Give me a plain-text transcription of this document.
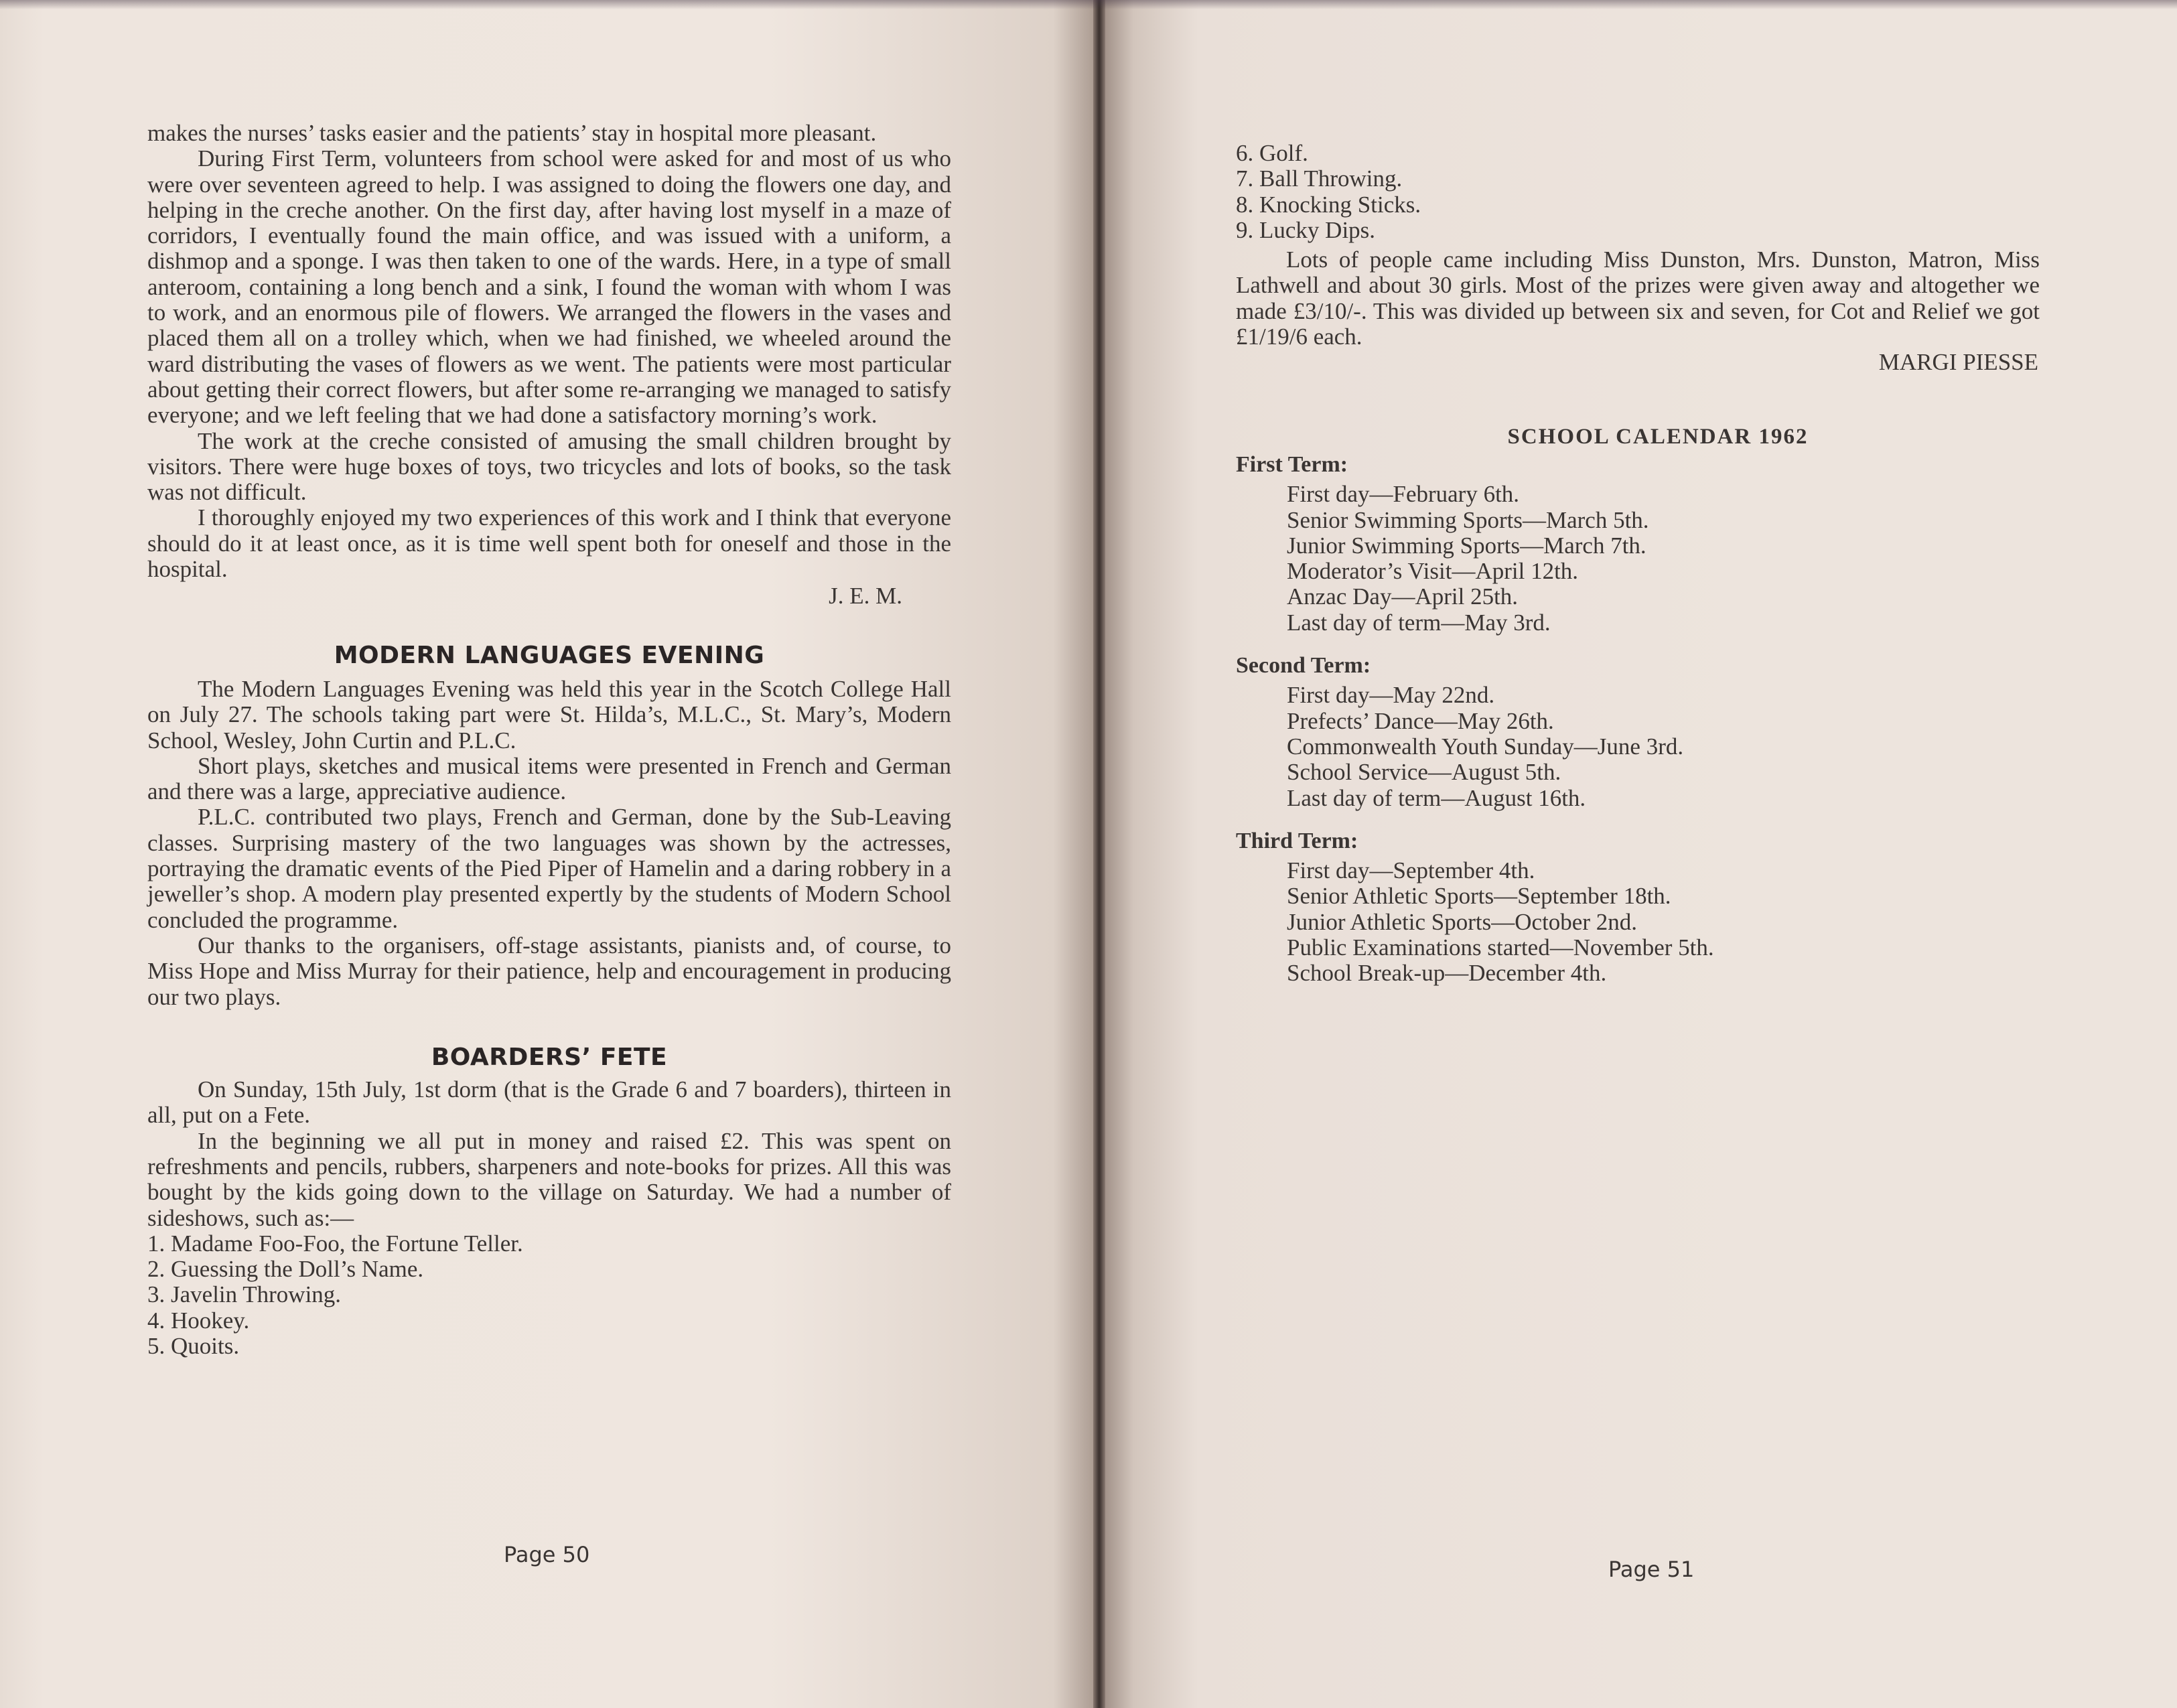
makes the nurses’ tasks easier and the patients’ stay in hospital more pleasant.

During First Term, volunteers from school were asked for and most of us who were over seventeen agreed to help. I was assigned to doing the flowers one day, and helping in the creche another. On the first day, after having lost myself in a maze of corridors, I eventually found the main office, and was issued with a uniform, a dishmop and a sponge. I was then taken to one of the wards. Here, in a type of small anteroom, containing a long bench and a sink, I found the woman with whom I was to work, and an enormous pile of flowers. We arranged the flowers in the vases and placed them all on a trolley which, when we had finished, we wheeled around the ward distributing the vases of flowers as we went. The patients were most particular about getting their correct flowers, but after some re-arranging we managed to satisfy everyone; and we left feeling that we had done a satisfactory morning’s work.

The work at the creche consisted of amusing the small children brought by visitors. There were huge boxes of toys, two tricycles and lots of books, so the task was not difficult.

I thoroughly enjoyed my two experiences of this work and I think that everyone should do it at least once, as it is time well spent both for oneself and those in the hospital.

J. E. M.

MODERN LANGUAGES EVENING

The Modern Languages Evening was held this year in the Scotch College Hall on July 27. The schools taking part were St. Hilda’s, M.L.C., St. Mary’s, Modern School, Wesley, John Curtin and P.L.C.

Short plays, sketches and musical items were presented in French and German and there was a large, appreciative audience.

P.L.C. contributed two plays, French and German, done by the Sub-Leaving classes. Surprising mastery of the two languages was shown by the actresses, portraying the dramatic events of the Pied Piper of Hamelin and a daring robbery in a jeweller’s shop. A modern play presented expertly by the students of Modern School concluded the programme.

Our thanks to the organisers, off-stage assistants, pianists and, of course, to Miss Hope and Miss Murray for their patience, help and encouragement in producing our two plays.

BOARDERS’ FETE

On Sunday, 15th July, 1st dorm (that is the Grade 6 and 7 boarders), thirteen in all, put on a Fete.

In the beginning we all put in money and raised £2. This was spent on refreshments and pencils, rubbers, sharpeners and note-books for prizes. All this was bought by the kids going down to the village on Saturday. We had a number of sideshows, such as:—

1. Madame Foo-Foo, the Fortune Teller.
2. Guessing the Doll’s Name.
3. Javelin Throwing.
4. Hookey.
5. Quoits.
Page 50
6. Golf.
7. Ball Throwing.
8. Knocking Sticks.
9. Lucky Dips.

Lots of people came including Miss Dunston, Mrs. Dunston, Matron, Miss Lathwell and about 30 girls. Most of the prizes were given away and altogether we made £3/10/-. This was divided up between six and seven, for Cot and Relief we got £1/19/6 each.

MARGI PIESSE

SCHOOL CALENDAR 1962

First Term:

First day—February 6th.
Senior Swimming Sports—March 5th.
Junior Swimming Sports—March 7th.
Moderator’s Visit—April 12th.
Anzac Day—April 25th.
Last day of term—May 3rd.

Second Term:

First day—May 22nd.
Prefects’ Dance—May 26th.
Commonwealth Youth Sunday—June 3rd.
School Service—August 5th.
Last day of term—August 16th.

Third Term:

First day—September 4th.
Senior Athletic Sports—September 18th.
Junior Athletic Sports—October 2nd.
Public Examinations started—November 5th.
School Break-up—December 4th.
Page 51
